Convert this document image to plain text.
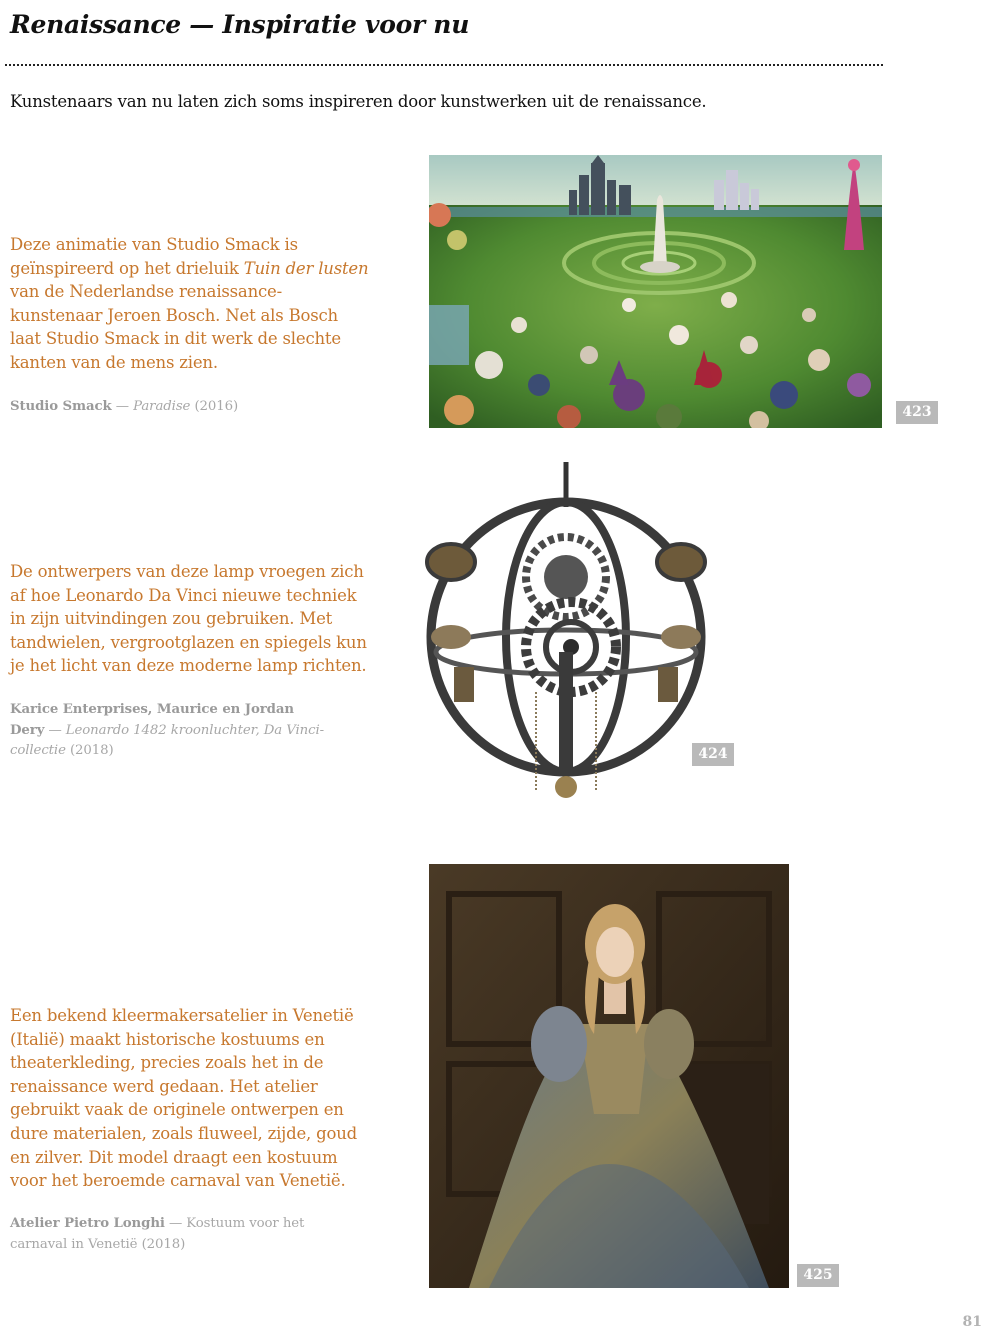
Renaissance — Inspiratie voor nu
Kunstenaars van nu laten zich soms inspireren door kunstwerken uit de renaissance.

Deze animatie van Studio Smack is geïnspireerd op het drieluik Tuin der lusten van de Nederlandse renaissance-kunstenaar Jeroen Bosch. Net als Bosch laat Studio Smack in dit werk de slechte kanten van de mens zien.

Studio Smack — Paradise (2016)	423

De ontwerpers van deze lamp vroegen zich af hoe Leonardo Da Vinci nieuwe techniek in zijn uitvindingen zou gebruiken. Met tandwielen, vergrootglazen en spiegels kun je het licht van deze moderne lamp richten.

Karice Enterprises, Maurice en Jordan Dery — Leonardo 1482 kroonluchter, Da Vinci-collectie (2018)	424

Een bekend kleermakersatelier in Venetië (Italië) maakt historische kostuums en theaterkleding, precies zoals het in de renaissance werd gedaan. Het atelier gebruikt vaak de originele ontwerpen en dure materialen, zoals fluweel, zijde, goud en zilver. Dit model draagt een kostuum voor het beroemde carnaval van Venetië.

Atelier Pietro Longhi — Kostuum voor het carnaval in Venetië (2018)

425
81
